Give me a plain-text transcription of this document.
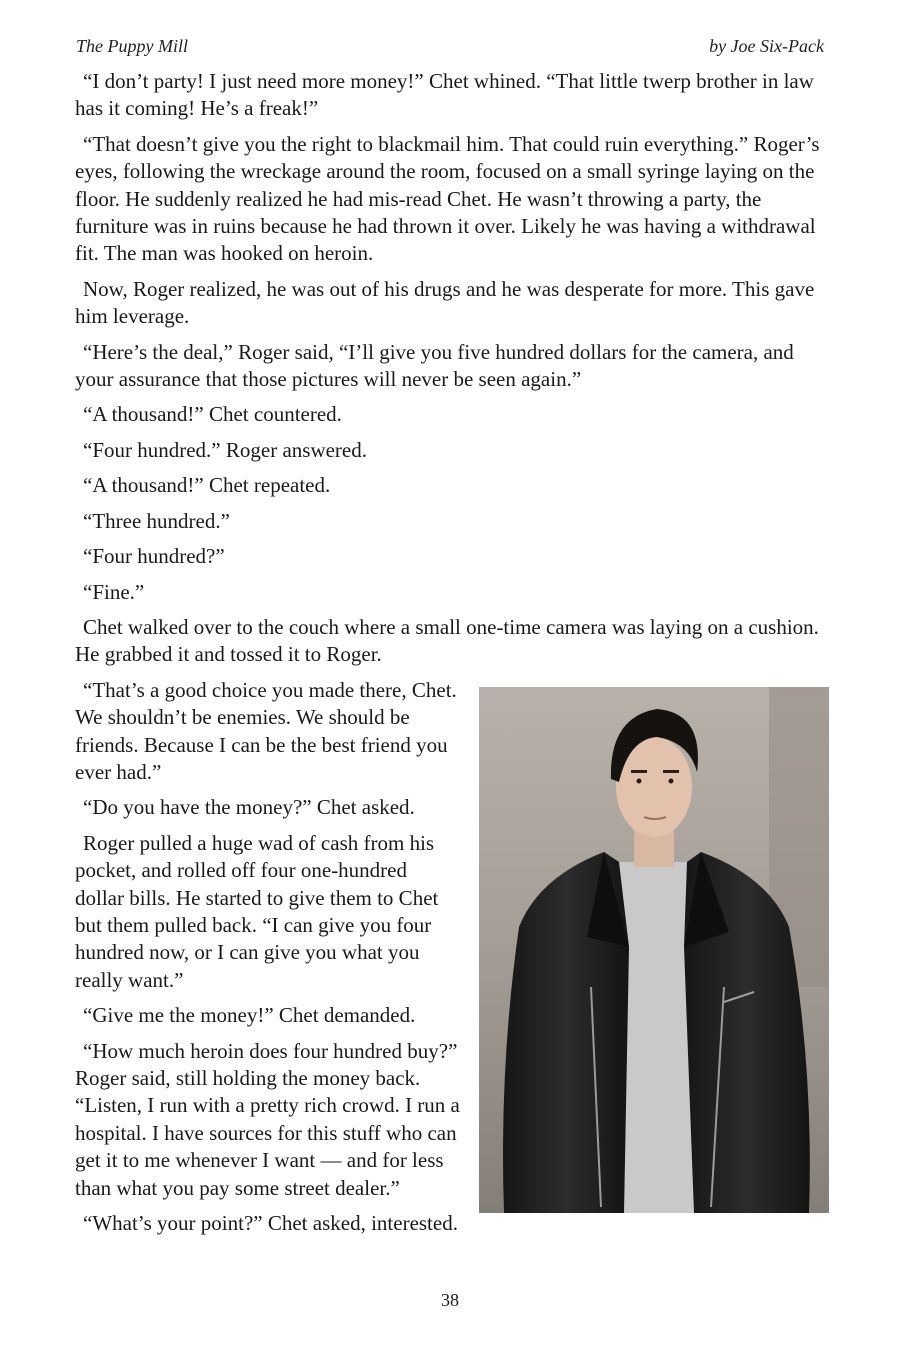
The Puppy Mill	by Joe Six-Pack

“I don’t party! I just need more money!” Chet whined. “That little twerp brother in law has it coming! He’s a freak!”

“That doesn’t give you the right to blackmail him. That could ruin everything.” Roger’s eyes, following the wreckage around the room, focused on a small syringe laying on the floor. He suddenly realized he had mis-read Chet. He wasn’t throwing a party, the furniture was in ruins because he had thrown it over. Likely he was having a withdrawal fit. The man was hooked on heroin.

Now, Roger realized, he was out of his drugs and he was desperate for more. This gave him leverage.

“Here’s the deal,” Roger said, “I’ll give you five hundred dollars for the camera, and your assurance that those pictures will never be seen again.”

“A thousand!” Chet countered.

“Four hundred.” Roger answered.

“A thousand!” Chet repeated.

“Three hundred.”

“Four hundred?”

“Fine.”

Chet walked over to the couch where a small one-time camera was laying on a cushion. He grabbed it and tossed it to Roger.

“That’s a good choice you made there, Chet. We shouldn’t be enemies. We should be friends. Because I can be the best friend you ever had.”

“Do you have the money?” Chet asked.

Roger pulled a huge wad of cash from his pocket, and rolled off four one-hundred dollar bills. He started to give them to Chet but them pulled back. “I can give you four hundred now, or I can give you what you really want.”

“Give me the money!” Chet demanded.

“How much heroin does four hundred buy?” Roger said, still holding the money back. “Listen, I run with a pretty rich crowd. I run a hospital. I have sources for this stuff who can get it to me whenever I want — and for less than what you pay some street dealer.”

“What’s your point?” Chet asked, interested.

38
